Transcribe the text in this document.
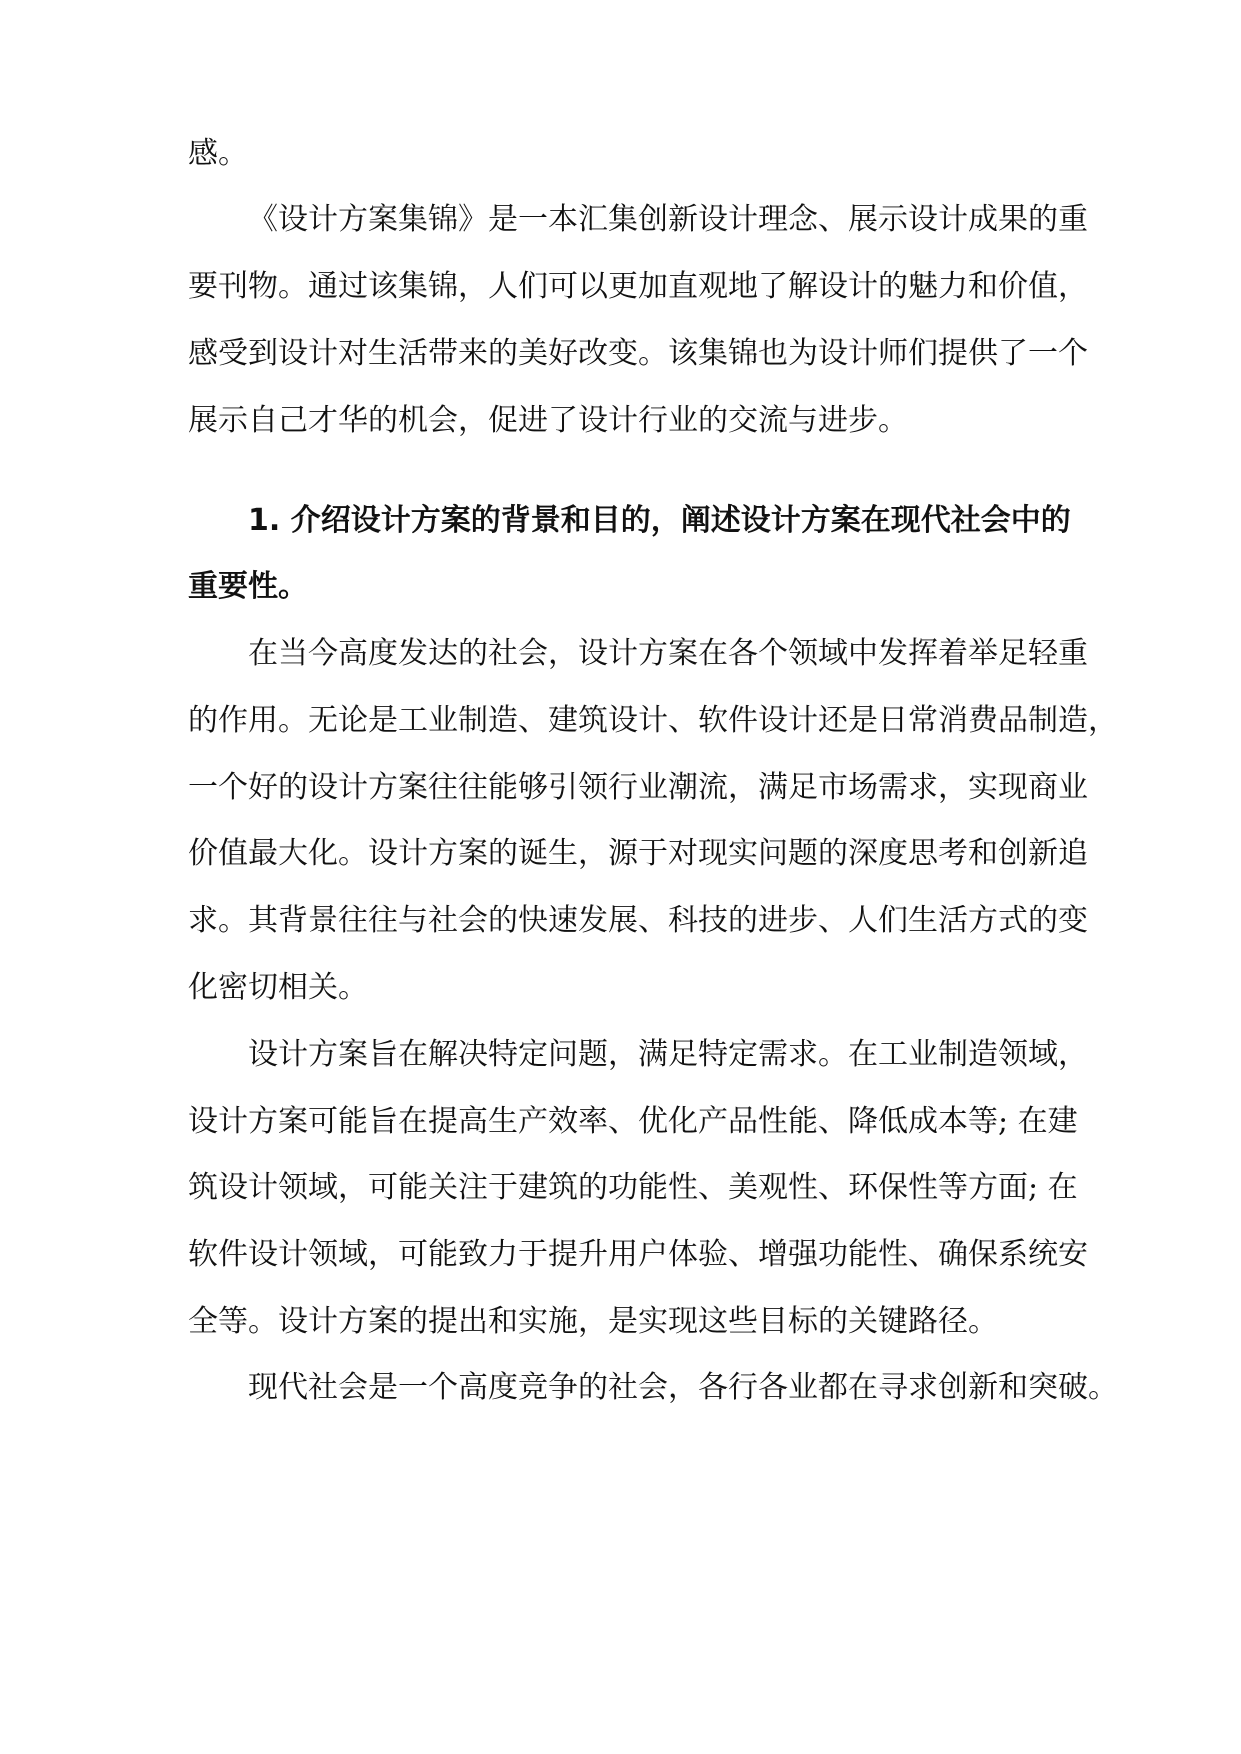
感。
《设计方案集锦》是一本汇集创新设计理念、展示设计成果的重
要刊物。通过该集锦，人们可以更加直观地了解设计的魅力和价值，
感受到设计对生活带来的美好改变。该集锦也为设计师们提供了一个
展示自己才华的机会，促进了设计行业的交流与进步。
1. 介绍设计方案的背景和目的，阐述设计方案在现代社会中的
重要性。
在当今高度发达的社会，设计方案在各个领域中发挥着举足轻重
的作用。无论是工业制造、建筑设计、软件设计还是日常消费品制造，
一个好的设计方案往往能够引领行业潮流，满足市场需求，实现商业
价值最大化。设计方案的诞生，源于对现实问题的深度思考和创新追
求。其背景往往与社会的快速发展、科技的进步、人们生活方式的变
化密切相关。
设计方案旨在解决特定问题，满足特定需求。在工业制造领域，
设计方案可能旨在提高生产效率、优化产品性能、降低成本等; 在建
筑设计领域，可能关注于建筑的功能性、美观性、环保性等方面; 在
软件设计领域，可能致力于提升用户体验、增强功能性、确保系统安
全等。设计方案的提出和实施，是实现这些目标的关键路径。
现代社会是一个高度竞争的社会，各行各业都在寻求创新和突破。
